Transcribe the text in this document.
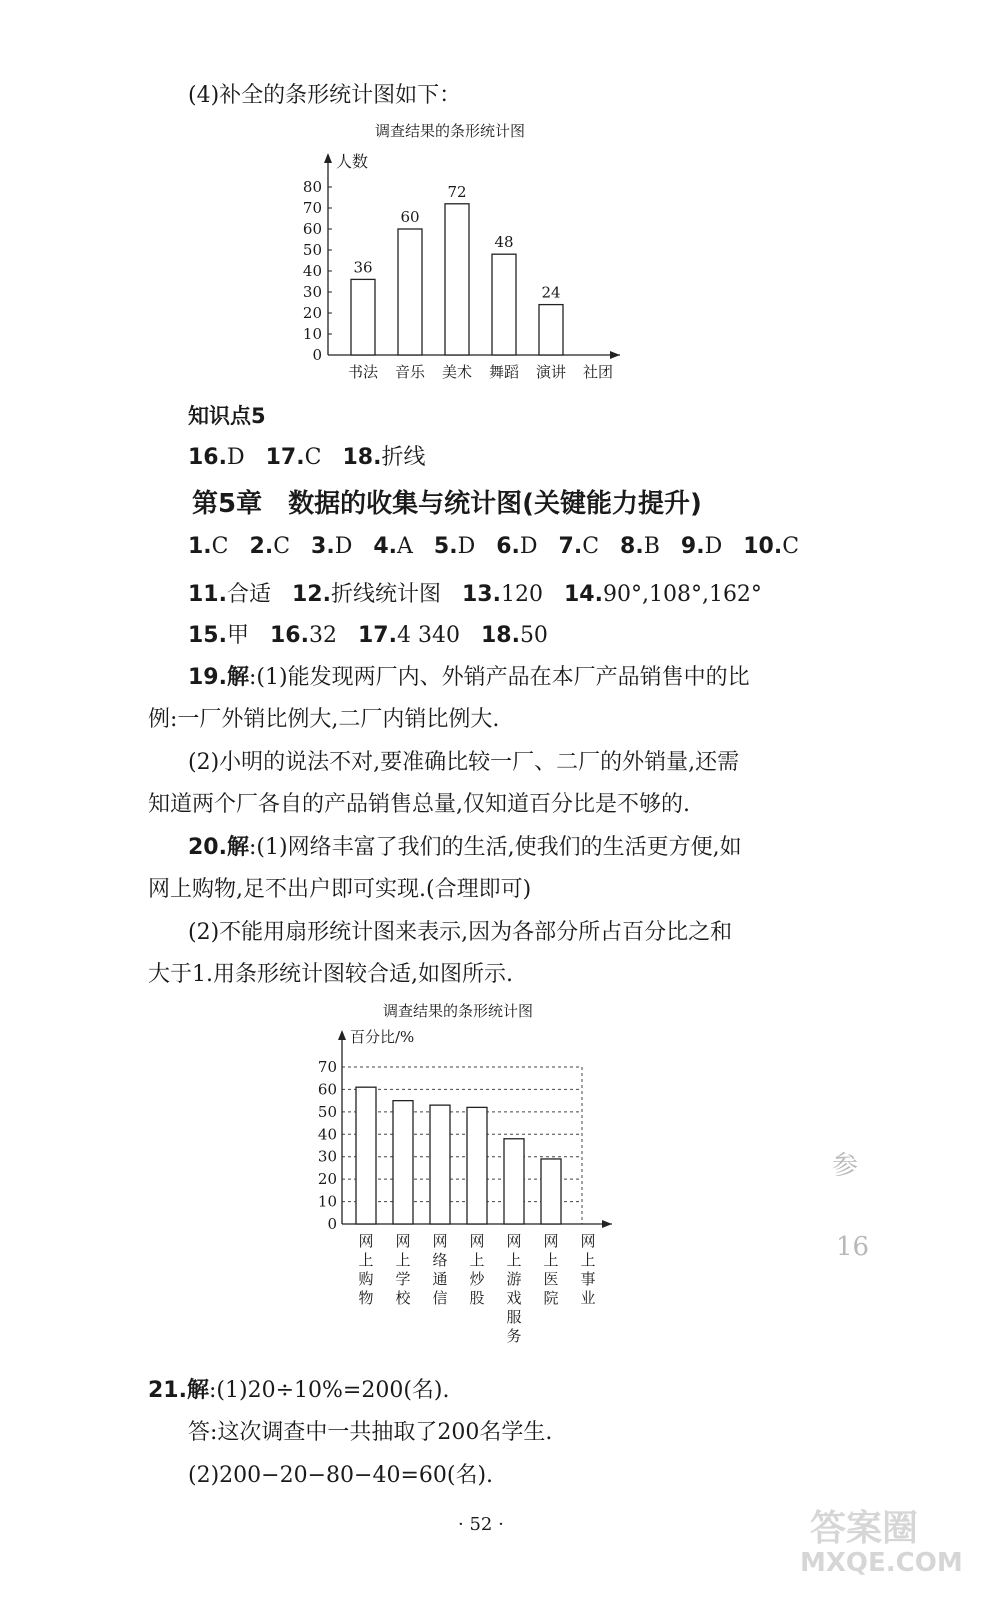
(4)补全的条形统计图如下：
调查结果的条形统计图
人数
0
10
20
30
40
50
60
70
80
36
书法
60
音乐
72
美术
48
舞蹈
24
演讲 社团
知识点5
16.D 17.C 18.折线
第5章　数据的收集与统计图(关键能力提升)
1.C 2.C 3.D 4.A 5.D 6.D 7.C 8.B 9.D 10.C
11.合适 12.折线统计图 13.120 14.90°,108°,162°
15.甲 16.32 17.4 340 18.50
19.解:(1)能发现两厂内、外销产品在本厂产品销售中的比
例:一厂外销比例大,二厂内销比例大.
(2)小明的说法不对,要准确比较一厂、二厂的外销量,还需
知道两个厂各自的产品销售总量,仅知道百分比是不够的.
20.解:(1)网络丰富了我们的生活,使我们的生活更方便,如
网上购物,足不出户即可实现.(合理即可)
(2)不能用扇形统计图来表示,因为各部分所占百分比之和
大于1.用条形统计图较合适,如图所示.
调查结果的条形统计图
0
10
20
30
40
50
60
70
百分比/%
网上购物
网上学校
网络通信
网上炒股
网上游戏服务
网上医院
网上事业
21.解:(1)20÷10%=200(名).
答:这次调查中一共抽取了200名学生.
(2)200−20−80−40=60(名).
· 52 ·
参
16
答案圈
MXQE.COM
